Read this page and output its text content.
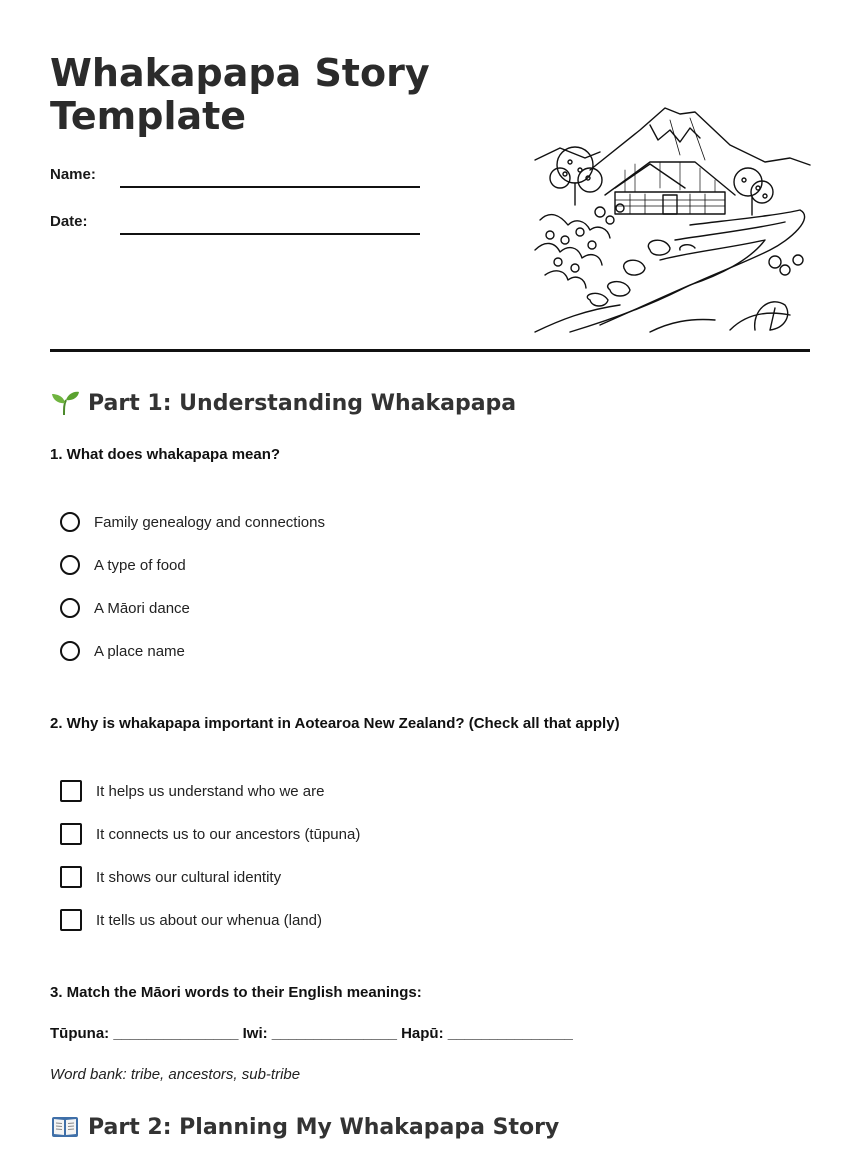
Whakapapa Story Template
Name:
Date:
Part 1: Understanding Whakapapa

1. What does whakapapa mean?

Family genealogy and connections
A type of food
A Māori dance
A place name

2. Why is whakapapa important in Aotearoa New Zealand? (Check all that apply)

It helps us understand who we are
It connects us to our ancestors (tūpuna)
It shows our cultural identity
It tells us about our whenua (land)

3. Match the Māori words to their English meanings:

Tūpuna: _______________ Iwi: _______________ Hapū: _______________
Word bank: tribe, ancestors, sub-tribe
Part 2: Planning My Whakapapa Story
